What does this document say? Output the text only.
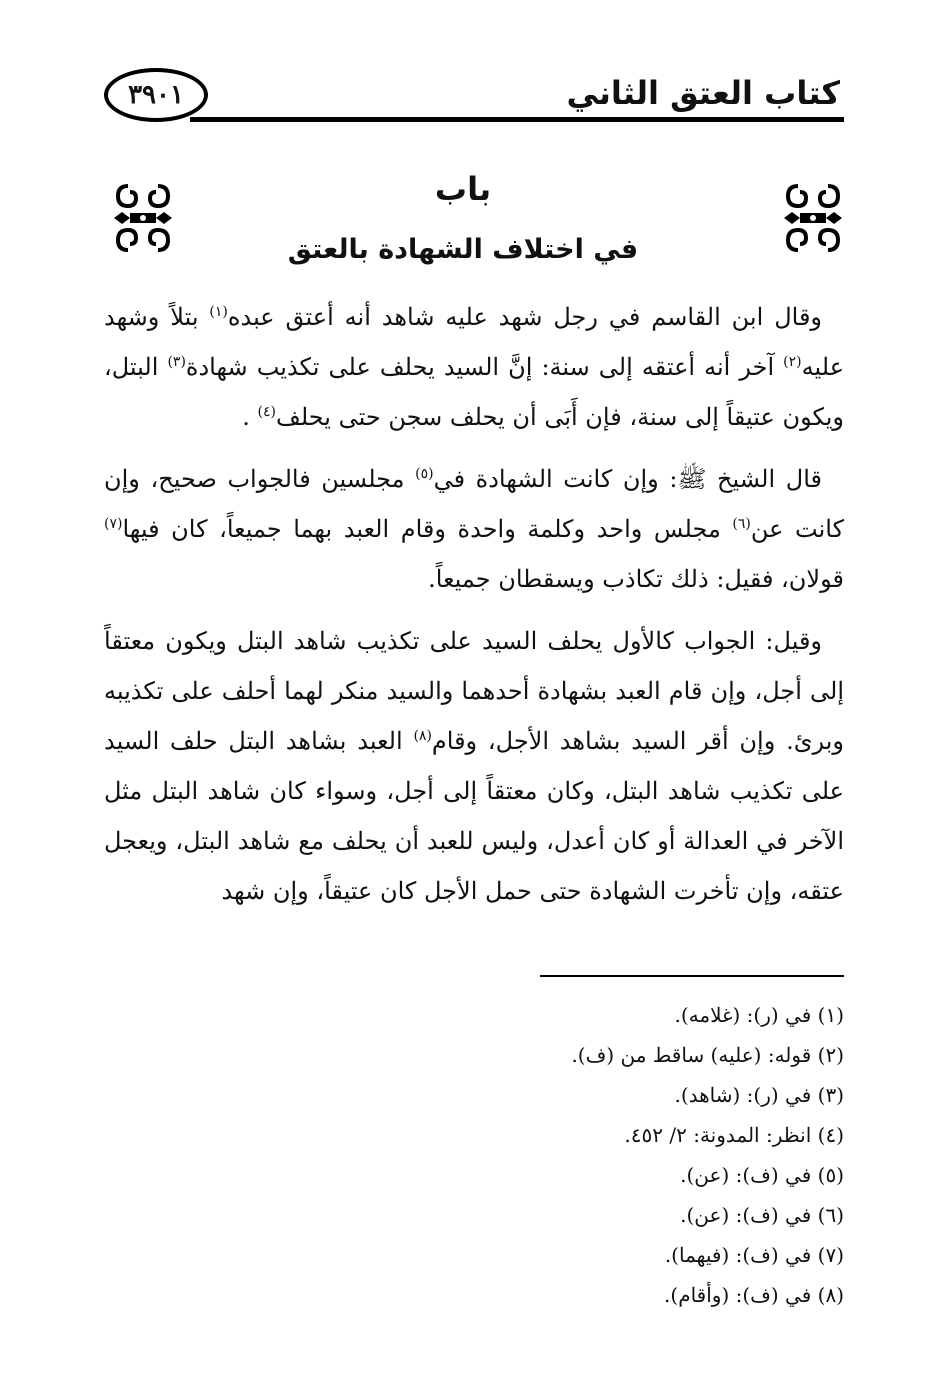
كتاب العتق الثاني
٣٩٠١
باب
في اختلاف الشهادة بالعتق

وقال ابن القاسم في رجل شهد عليه شاهد أنه أعتق عبده$^{(١)}$ بتلاً وشهد عليه$^{(٢)}$ آخر أنه أعتقه إلى سنة: إنَّ السيد يحلف على تكذيب شهادة$^{(٣)}$ البتل، ويكون عتيقاً إلى سنة، فإن أَبَى أن يحلف سجن حتى يحلف$^{(٤)}$ .

قال الشيخ ﷺ: وإن كانت الشهادة في$^{(٥)}$ مجلسين فالجواب صحيح، وإن كانت عن$^{(٦)}$ مجلس واحد وكلمة واحدة وقام العبد بهما جميعاً، كان فيها$^{(٧)}$ قولان، فقيل: ذلك تكاذب ويسقطان جميعاً.

وقيل: الجواب كالأول يحلف السيد على تكذيب شاهد البتل ويكون معتقاً إلى أجل، وإن قام العبد بشهادة أحدهما والسيد منكر لهما أحلف على تكذيبه وبرئ. وإن أقر السيد بشاهد الأجل، وقام$^{(٨)}$ العبد بشاهد البتل حلف السيد على تكذيب شاهد البتل، وكان معتقاً إلى أجل، وسواء كان شاهد البتل مثل الآخر في العدالة أو كان أعدل، وليس للعبد أن يحلف مع شاهد البتل، ويعجل عتقه، وإن تأخرت الشهادة حتى حمل الأجل كان عتيقاً، وإن شهد

(١) في (ر): (غلامه).
(٢) قوله: (عليه) ساقط من (ف).
(٣) في (ر): (شاهد).
(٤) انظر: المدونة: ٢/ ٤٥٢.
(٥) في (ف): (عن).
(٦) في (ف): (عن).
(٧) في (ف): (فيهما).
(٨) في (ف): (وأقام).
